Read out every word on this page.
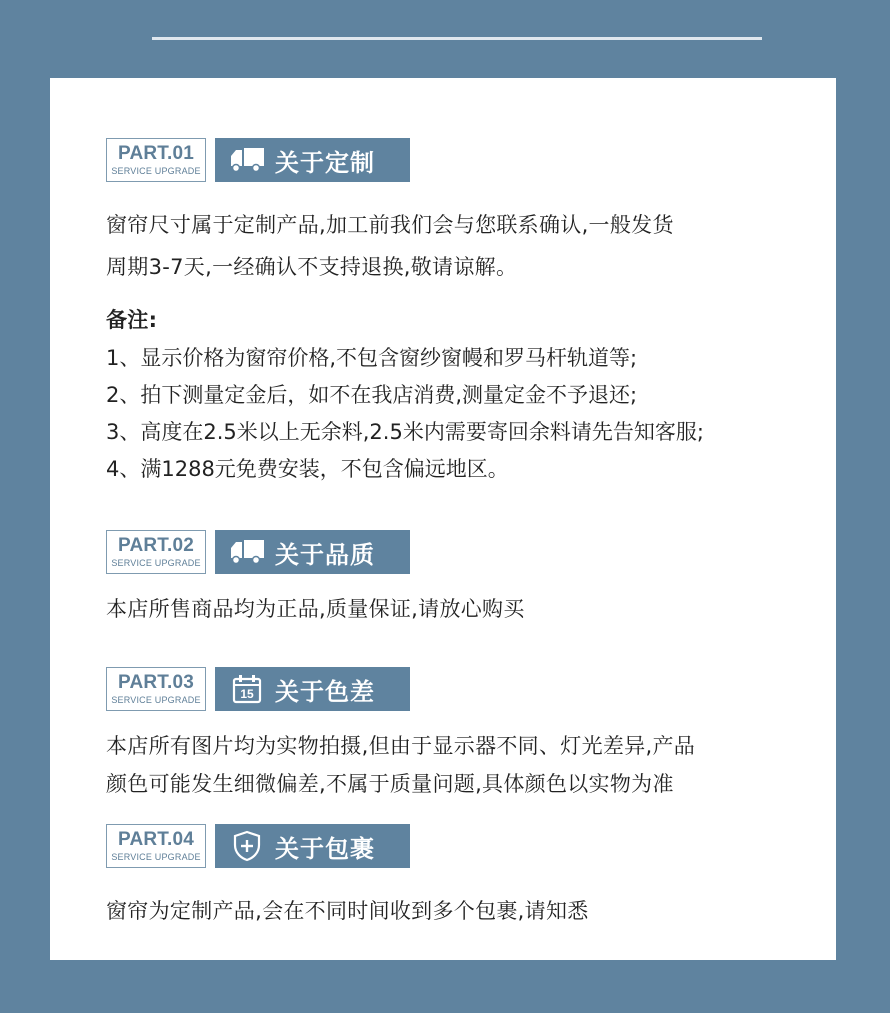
PART.01
SERVICE UPGRADE	关于定制
窗帘尺寸属于定制产品,加工前我们会与您联系确认,一般发货
周期3-7天,一经确认不支持退换,敬请谅解。
备注:
1、显示价格为窗帘价格,不包含窗纱窗幔和罗马杆轨道等;
2、拍下测量定金后，如不在我店消费,测量定金不予退还;
3、高度在2.5米以上无余料,2.5米内需要寄回余料请先告知客服;
4、满1288元免费安装，不包含偏远地区。
PART.02
SERVICE UPGRADE	关于品质
本店所售商品均为正品,质量保证,请放心购买
PART.03
SERVICE UPGRADE	15 关于色差
本店所有图片均为实物拍摄,但由于显示器不同、灯光差异,产品
颜色可能发生细微偏差,不属于质量问题,具体颜色以实物为准
PART.04
SERVICE UPGRADE	关于包裹
窗帘为定制产品,会在不同时间收到多个包裹,请知悉
